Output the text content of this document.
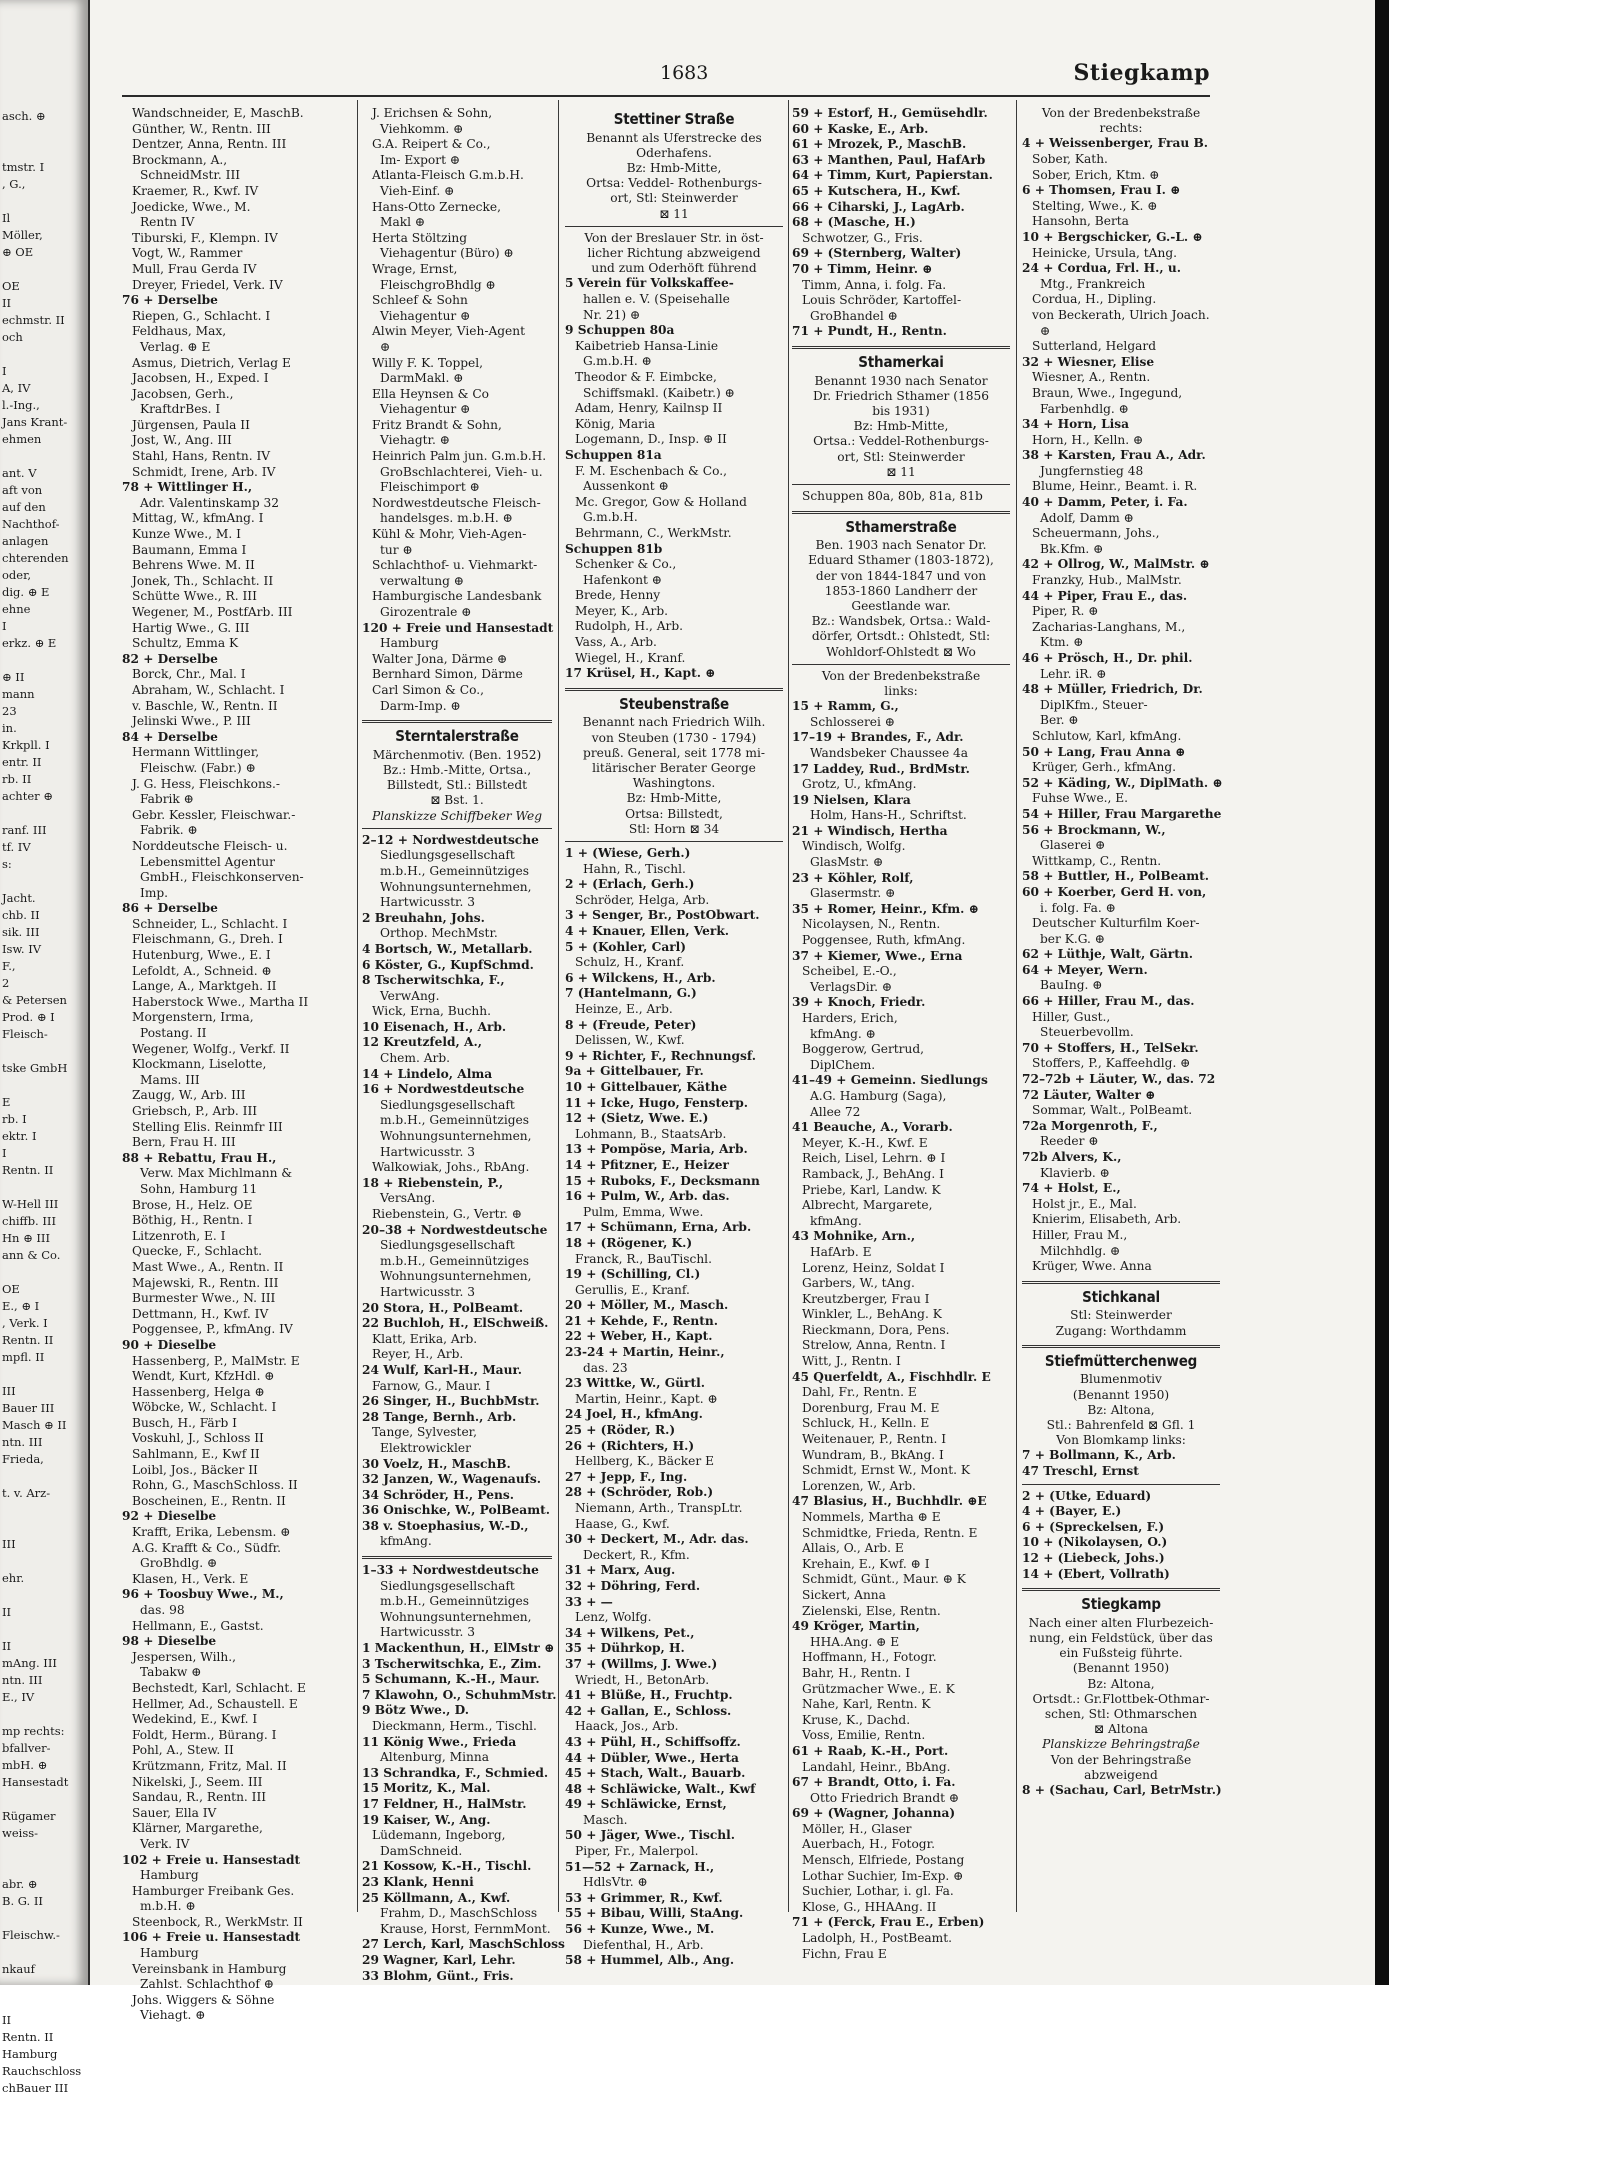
asch. ⊕

tmstr. I
, G.,

Il
Möller,
⊕ OE

OE
II
echmstr. II
och

I
A, IV
l.-Ing.,
Jans Krant-
ehmen

ant. V
aft von
auf den
Nachthof-
anlagen
chterenden
oder,
dig. ⊕ E
ehne
I
erkz. ⊕ E

⊕ II
mann
23
in.
Krkpll. I
entr. II
rb. II
achter ⊕

ranf. III
tf. IV
s:

Jacht.
chb. II
sik. III
Isw. IV
F.,
2
& Petersen
Prod. ⊕ I
Fleisch-

tske GmbH

E
rb. I
ektr. I
I
Rentn. II

W-Hell III
chiffb. III
Hn ⊕ III
ann & Co.

OE
E., ⊕ I
, Verk. I
Rentn. II
mpfl. II

III
Bauer III
Masch ⊕ II
ntn. III
Frieda,

t. v. Arz-

III

ehr.

II

II
mAng. III
ntn. III
E., IV

mp rechts:
bfallver-
mbH. ⊕
Hansestadt

Rügamer
weiss-

abr. ⊕
B. G. II

Fleischw.-

nkauf

II
Rentn. II
Hamburg
Rauchschloss
chBauer III
1683	Stiegkamp
Wandschneider, E, MaschB.
Günther, W., Rentn. III
Dentzer, Anna, Rentn. III
Brockmann, A.,
SchneidMstr. III
Kraemer, R., Kwf. IV
Joedicke, Wwe., M.
Rentn IV
Tiburski, F., Klempn. IV
Vogt, W., Rammer
Mull, Frau Gerda IV
Dreyer, Friedel, Verk. IV
76 + Derselbe
Riepen, G., Schlacht. I
Feldhaus, Max,
Verlag. ⊕ E
Asmus, Dietrich, Verlag E
Jacobsen, H., Exped. I
Jacobsen, Gerh.,
KraftdrBes. I
Jürgensen, Paula II
Jost, W., Ang. III
Stahl, Hans, Rentn. IV
Schmidt, Irene, Arb. IV
78 + Wittlinger H.,
Adr. Valentinskamp 32
Mittag, W., kfmAng. I
Kunze Wwe., M. I
Baumann, Emma I
Behrens Wwe. M. II
Jonek, Th., Schlacht. II
Schütte Wwe., R. III
Wegener, M., PostfArb. III
Hartig Wwe., G. III
Schultz, Emma K
82 + Derselbe
Borck, Chr., Mal. I
Abraham, W., Schlacht. I
v. Baschle, W., Rentn. II
Jelinski Wwe., P. III
84 + Derselbe
Hermann Wittlinger,
Fleischw. (Fabr.) ⊕
J. G. Hess, Fleischkons.-
Fabrik ⊕
Gebr. Kessler, Fleischwar.-
Fabrik. ⊕
Norddeutsche Fleisch- u.
Lebensmittel Agentur
GmbH., Fleischkonserven-
Imp.
86 + Derselbe
Schneider, L., Schlacht. I
Fleischmann, G., Dreh. I
Hutenburg, Wwe., E. I
Lefoldt, A., Schneid. ⊕
Lange, A., Marktgeh. II
Haberstock Wwe., Martha II
Morgenstern, Irma,
Postang. II
Wegener, Wolfg., Verkf. II
Klockmann, Liselotte,
Mams. III
Zaugg, W., Arb. III
Griebsch, P., Arb. III
Stelling Elis. Reinmfr III
Bern, Frau H. III
88 + Rebattu, Frau H.,
Verw. Max Michlmann &
Sohn, Hamburg 11
Brose, H., Helz. OE
Böthig, H., Rentn. I
Litzenroth, E. I
Quecke, F., Schlacht.
Mast Wwe., A., Rentn. II
Majewski, R., Rentn. III
Burmester Wwe., N. III
Dettmann, H., Kwf. IV
Poggensee, P., kfmAng. IV
90 + Dieselbe
Hassenberg, P., MalMstr. E
Wendt, Kurt, KfzHdl. ⊕
Hassenberg, Helga ⊕
Wöbcke, W., Schlacht. I
Busch, H., Färb I
Voskuhl, J., Schloss II
Sahlmann, E., Kwf II
Loibl, Jos., Bäcker II
Rohn, G., MaschSchloss. II
Boscheinen, E., Rentn. II
92 + Dieselbe
Krafft, Erika, Lebensm. ⊕
A.G. Krafft & Co., Südfr.
GroBhdlg. ⊕
Klasen, H., Verk. E
96 + Toosbuy Wwe., M.,
das. 98
Hellmann, E., Gastst.
98 + Dieselbe
Jespersen, Wilh.,
Tabakw ⊕
Bechstedt, Karl, Schlacht. E
Hellmer, Ad., Schaustell. E
Wedekind, E., Kwf. I
Foldt, Herm., Bürang. I
Pohl, A., Stew. II
Krützmann, Fritz, Mal. II
Nikelski, J., Seem. III
Sandau, R., Rentn. III
Sauer, Ella IV
Klärner, Margarethe,
Verk. IV
102 + Freie u. Hansestadt
Hamburg
Hamburger Freibank Ges.
m.b.H. ⊕
Steenbock, R., WerkMstr. II
106 + Freie u. Hansestadt
Hamburg
Vereinsbank in Hamburg
Zahlst. Schlachthof ⊕
Johs. Wiggers & Söhne
Viehagt. ⊕
J. Erichsen & Sohn,
Viehkomm. ⊕
G.A. Reipert & Co.,
Im- Export ⊕
Atlanta-Fleisch G.m.b.H.
Vieh-Einf. ⊕
Hans-Otto Zernecke,
Makl ⊕
Herta Stöltzing
Viehagentur (Büro) ⊕
Wrage, Ernst,
FleischgroBhdlg ⊕
Schleef & Sohn
Viehagentur ⊕
Alwin Meyer, Vieh-Agent
⊕
Willy F. K. Toppel,
DarmMakl. ⊕
Ella Heynsen & Co
Viehagentur ⊕
Fritz Brandt & Sohn,
Viehagtr. ⊕
Heinrich Palm jun. G.m.b.H.
GroBschlachterei, Vieh- u.
Fleischimport ⊕
Nordwestdeutsche Fleisch-
handelsges. m.b.H. ⊕
Kühl & Mohr, Vieh-Agen-
tur ⊕
Schlachthof- u. Viehmarkt-
verwaltung ⊕
Hamburgische Landesbank
Girozentrale ⊕
120 + Freie und Hansestadt
Hamburg
Walter Jona, Därme ⊕
Bernhard Simon, Därme
Carl Simon & Co.,
Darm-Imp. ⊕
Sterntalerstraße
Märchenmotiv. (Ben. 1952)
Bz.: Hmb.-Mitte, Ortsa.,
Billstedt, Stl.: Billstedt
⊠ Bst. 1.
Planskizze Schiffbeker Weg
2–12 + Nordwestdeutsche
Siedlungsgesellschaft
m.b.H., Gemeinnütziges
Wohnungsunternehmen,
Hartwicusstr. 3
2 Breuhahn, Johs.
Orthop. MechMstr.
4 Bortsch, W., Metallarb.
6 Köster, G., KupfSchmd.
8 Tscherwitschka, F.,
VerwAng.
Wick, Erna, Buchh.
10 Eisenach, H., Arb.
12 Kreutzfeld, A.,
Chem. Arb.
14 + Lindelo, Alma
16 + Nordwestdeutsche
Siedlungsgesellschaft
m.b.H., Gemeinnütziges
Wohnungsunternehmen,
Hartwicusstr. 3
Walkowiak, Johs., RbAng.
18 + Riebenstein, P.,
VersAng.
Riebenstein, G., Vertr. ⊕
20–38 + Nordwestdeutsche
Siedlungsgesellschaft
m.b.H., Gemeinnütziges
Wohnungsunternehmen,
Hartwicusstr. 3
20 Stora, H., PolBeamt.
22 Buchloh, H., ElSchweiß.
Klatt, Erika, Arb.
Reyer, H., Arb.
24 Wulf, Karl-H., Maur.
Farnow, G., Maur. I
26 Singer, H., BuchbMstr.
28 Tange, Bernh., Arb.
Tange, Sylvester,
Elektrowickler
30 Voelz, H., MaschB.
32 Janzen, W., Wagenaufs.
34 Schröder, H., Pens.
36 Onischke, W., PolBeamt.
38 v. Stoephasius, W.-D.,
kfmAng.
1–33 + Nordwestdeutsche
Siedlungsgesellschaft
m.b.H., Gemeinnütziges
Wohnungsunternehmen,
Hartwicusstr. 3
1 Mackenthun, H., ElMstr ⊕
3 Tscherwitschka, E., Zim.
5 Schumann, K.-H., Maur.
7 Klawohn, O., SchuhmMstr.
9 Bötz Wwe., D.
Dieckmann, Herm., Tischl.
11 König Wwe., Frieda
Altenburg, Minna
13 Schrandka, F., Schmied.
15 Moritz, K., Mal.
17 Feldner, H., HalMstr.
19 Kaiser, W., Ang.
Lüdemann, Ingeborg,
DamSchneid.
21 Kossow, K.-H., Tischl.
23 Klank, Henni
25 Köllmann, A., Kwf.
Frahm, D., MaschSchloss
Krause, Horst, FernmMont.
27 Lerch, Karl, MaschSchloss
29 Wagner, Karl, Lehr.
33 Blohm, Günt., Fris.
Stettiner Straße
Benannt als Uferstrecke des
Oderhafens.
Bz: Hmb-Mitte,
Ortsa: Veddel- Rothenburgs-
ort, Stl: Steinwerder
⊠ 11
Von der Breslauer Str. in öst-
licher Richtung abzweigend
und zum Oderhöft führend
5 Verein für Volkskaffee-
hallen e. V. (Speisehalle
Nr. 21) ⊕
9 Schuppen 80a
Kaibetrieb Hansa-Linie
G.m.b.H. ⊕
Theodor & F. Eimbcke,
Schiffsmakl. (Kaibetr.) ⊕
Adam, Henry, Kailnsp II
König, Maria
Logemann, D., Insp. ⊕ II
Schuppen 81a
F. M. Eschenbach & Co.,
Aussenkont ⊕
Mc. Gregor, Gow & Holland
G.m.b.H.
Behrmann, C., WerkMstr.
Schuppen 81b
Schenker & Co.,
Hafenkont ⊕
Brede, Henny
Meyer, K., Arb.
Rudolph, H., Arb.
Vass, A., Arb.
Wiegel, H., Kranf.
17 Krüsel, H., Kapt. ⊕
Steubenstraße
Benannt nach Friedrich Wilh.
von Steuben (1730 - 1794)
preuß. General, seit 1778 mi-
litärischer Berater George
Washingtons.
Bz: Hmb-Mitte,
Ortsa: Billstedt,
Stl: Horn ⊠ 34
1 + (Wiese, Gerh.)
Hahn, R., Tischl.
2 + (Erlach, Gerh.)
Schröder, Helga, Arb.
3 + Senger, Br., PostObwart.
4 + Knauer, Ellen, Verk.
5 + (Kohler, Carl)
Schulz, H., Kranf.
6 + Wilckens, H., Arb.
7 (Hantelmann, G.)
Heinze, E., Arb.
8 + (Freude, Peter)
Delissen, W., Kwf.
9 + Richter, F., Rechnungsf.
9a + Gittelbauer, Fr.
10 + Gittelbauer, Käthe
11 + Icke, Hugo, Fensterp.
12 + (Sietz, Wwe. E.)
Lohmann, B., StaatsArb.
13 + Pompöse, Maria, Arb.
14 + Pfitzner, E., Heizer
15 + Ruboks, F., Decksmann
16 + Pulm, W., Arb. das.
Pulm, Emma, Wwe.
17 + Schümann, Erna, Arb.
18 + (Rögener, K.)
Franck, R., BauTischl.
19 + (Schilling, Cl.)
Gerullis, E., Kranf.
20 + Möller, M., Masch.
21 + Kehde, F., Rentn.
22 + Weber, H., Kapt.
23-24 + Martin, Heinr.,
das. 23
23 Wittke, W., Gürtl.
Martin, Heinr., Kapt. ⊕
24 Joel, H., kfmAng.
25 + (Röder, R.)
26 + (Richters, H.)
Hellberg, K., Bäcker E
27 + Jepp, F., Ing.
28 + (Schröder, Rob.)
Niemann, Arth., TranspLtr.
Haase, G., Kwf.
30 + Deckert, M., Adr. das.
Deckert, R., Kfm.
31 + Marx, Aug.
32 + Döhring, Ferd.
33 + —
Lenz, Wolfg.
34 + Wilkens, Pet.,
35 + Dührkop, H.
37 + (Willms, J. Wwe.)
Wriedt, H., BetonArb.
41 + Blüße, H., Fruchtp.
42 + Gallan, E., Schloss.
Haack, Jos., Arb.
43 + Pühl, H., Schiffsoffz.
44 + Dübler, Wwe., Herta
45 + Stach, Walt., Bauarb.
48 + Schläwicke, Walt., Kwf
49 + Schläwicke, Ernst,
Masch.
50 + Jäger, Wwe., Tischl.
Piper, Fr., Malerpol.
51—52 + Zarnack, H.,
HdlsVtr. ⊕
53 + Grimmer, R., Kwf.
55 + Bibau, Willi, StaAng.
56 + Kunze, Wwe., M.
Diefenthal, H., Arb.
58 + Hummel, Alb., Ang.
59 + Estorf, H., Gemüsehdlr.
60 + Kaske, E., Arb.
61 + Mrozek, P., MaschB.
63 + Manthen, Paul, HafArb
64 + Timm, Kurt, Papierstan.
65 + Kutschera, H., Kwf.
66 + Ciharski, J., LagArb.
68 + (Masche, H.)
Schwotzer, G., Fris.
69 + (Sternberg, Walter)
70 + Timm, Heinr. ⊕
Timm, Anna, i. folg. Fa.
Louis Schröder, Kartoffel-
GroBhandel ⊕
71 + Pundt, H., Rentn.
Sthamerkai
Benannt 1930 nach Senator
Dr. Friedrich Sthamer (1856
bis 1931)
Bz: Hmb-Mitte,
Ortsa.: Veddel-Rothenburgs-
ort, Stl: Steinwerder
⊠ 11
Schuppen 80a, 80b, 81a, 81b
Sthamerstraße
Ben. 1903 nach Senator Dr.
Eduard Sthamer (1803-1872),
der von 1844-1847 und von
1853-1860 Landherr der
Geestlande war.
Bz.: Wandsbek, Ortsa.: Wald-
dörfer, Ortsdt.: Ohlstedt, Stl:
Wohldorf-Ohlstedt ⊠ Wo
Von der Bredenbekstraße
links:
15 + Ramm, G.,
Schlosserei ⊕
17–19 + Brandes, F., Adr.
Wandsbeker Chaussee 4a
17 Laddey, Rud., BrdMstr.
Grotz, U., kfmAng.
19 Nielsen, Klara
Holm, Hans-H., Schriftst.
21 + Windisch, Hertha
Windisch, Wolfg.
GlasMstr. ⊕
23 + Köhler, Rolf,
Glasermstr. ⊕
35 + Romer, Heinr., Kfm. ⊕
Nicolaysen, N., Rentn.
Poggensee, Ruth, kfmAng.
37 + Kiemer, Wwe., Erna
Scheibel, E.-O.,
VerlagsDir. ⊕
39 + Knoch, Friedr.
Harders, Erich,
kfmAng. ⊕
Boggerow, Gertrud,
DiplChem.
41–49 + Gemeinn. Siedlungs
A.G. Hamburg (Saga),
Allee 72
41 Beauche, A., Vorarb.
Meyer, K.-H., Kwf. E
Reich, Lisel, Lehrn. ⊕ I
Ramback, J., BehAng. I
Priebe, Karl, Landw. K
Albrecht, Margarete,
kfmAng.
43 Mohnike, Arn.,
HafArb. E
Lorenz, Heinz, Soldat I
Garbers, W., tAng.
Kreutzberger, Frau I
Winkler, L., BehAng. K
Rieckmann, Dora, Pens.
Strelow, Anna, Rentn. I
Witt, J., Rentn. I
45 Querfeldt, A., Fischhdlr. E
Dahl, Fr., Rentn. E
Dorenburg, Frau M. E
Schluck, H., Kelln. E
Weitenauer, P., Rentn. I
Wundram, B., BkAng. I
Schmidt, Ernst W., Mont. K
Lorenzen, W., Arb.
47 Blasius, H., Buchhdlr. ⊕E
Nommels, Martha ⊕ E
Schmidtke, Frieda, Rentn. E
Allais, O., Arb. E
Krehain, E., Kwf. ⊕ I
Schmidt, Günt., Maur. ⊕ K
Sickert, Anna
Zielenski, Else, Rentn.
49 Kröger, Martin,
HHA.Ang. ⊕ E
Hoffmann, H., Fotogr.
Bahr, H., Rentn. I
Grützmacher Wwe., E. K
Nahe, Karl, Rentn. K
Kruse, K., Dachd.
Voss, Emilie, Rentn.
61 + Raab, K.-H., Port.
Landahl, Heinr., BbAng.
67 + Brandt, Otto, i. Fa.
Otto Friedrich Brandt ⊕
69 + (Wagner, Johanna)
Möller, H., Glaser
Auerbach, H., Fotogr.
Mensch, Elfriede, Postang
Lothar Suchier, Im-Exp. ⊕
Suchier, Lothar, i. gl. Fa.
Klose, G., HHAAng. II
71 + (Ferck, Frau E., Erben)
Ladolph, H., PostBeamt.
Fichn, Frau E
Von der Bredenbekstraße
rechts:
4 + Weissenberger, Frau B.
Sober, Kath.
Sober, Erich, Ktm. ⊕
6 + Thomsen, Frau I. ⊕
Stelting, Wwe., K. ⊕
Hansohn, Berta
10 + Bergschicker, G.-L. ⊕
Heinicke, Ursula, tAng.
24 + Cordua, Frl. H., u.
Mtg., Frankreich
Cordua, H., Dipling.
von Beckerath, Ulrich Joach.
⊕
Sutterland, Helgard
32 + Wiesner, Elise
Wiesner, A., Rentn.
Braun, Wwe., Ingegund,
Farbenhdlg. ⊕
34 + Horn, Lisa
Horn, H., Kelln. ⊕
38 + Karsten, Frau A., Adr.
Jungfernstieg 48
Blume, Heinr., Beamt. i. R.
40 + Damm, Peter, i. Fa.
Adolf, Damm ⊕
Scheuermann, Johs.,
Bk.Kfm. ⊕
42 + Ollrog, W., MalMstr. ⊕
Franzky, Hub., MalMstr.
44 + Piper, Frau E., das.
Piper, R. ⊕
Zacharias-Langhans, M.,
Ktm. ⊕
46 + Prösch, H., Dr. phil.
Lehr. iR. ⊕
48 + Müller, Friedrich, Dr.
DiplKfm., Steuer-
Ber. ⊕
Schlutow, Karl, kfmAng.
50 + Lang, Frau Anna ⊕
Krüger, Gerh., kfmAng.
52 + Käding, W., DiplMath. ⊕
Fuhse Wwe., E.
54 + Hiller, Frau Margarethe
56 + Brockmann, W.,
Glaserei ⊕
Wittkamp, C., Rentn.
58 + Buttler, H., PolBeamt.
60 + Koerber, Gerd H. von,
i. folg. Fa. ⊕
Deutscher Kulturfilm Koer-
ber K.G. ⊕
62 + Lüthje, Walt, Gärtn.
64 + Meyer, Wern.
BauIng. ⊕
66 + Hiller, Frau M., das.
Hiller, Gust.,
Steuerbevollm.
70 + Stoffers, H., TelSekr.
Stoffers, P., Kaffeehdlg. ⊕
72–72b + Läuter, W., das. 72
72 Läuter, Walter ⊕
Sommar, Walt., PolBeamt.
72a Morgenroth, F.,
Reeder ⊕
72b Alvers, K.,
Klavierb. ⊕
74 + Holst, E.,
Holst jr., E., Mal.
Knierim, Elisabeth, Arb.
Hiller, Frau M.,
Milchhdlg. ⊕
Krüger, Wwe. Anna
Stichkanal
Stl: Steinwerder
Zugang: Worthdamm
Stiefmütterchenweg
Blumenmotiv
(Benannt 1950)
Bz: Altona,
Stl.: Bahrenfeld ⊠ Gfl. 1
Von Blomkamp links:
7 + Bollmann, K., Arb.
47 Treschl, Ernst
2 + (Utke, Eduard)
4 + (Bayer, E.)
6 + (Spreckelsen, F.)
10 + (Nikolaysen, O.)
12 + (Liebeck, Johs.)
14 + (Ebert, Vollrath)
Stiegkamp
Nach einer alten Flurbezeich-
nung, ein Feldstück, über das
ein Fußsteig führte.
(Benannt 1950)
Bz: Altona,
Ortsdt.: Gr.Flottbek-Othmar-
schen, Stl: Othmarschen
⊠ Altona
Planskizze Behringstraße
Von der Behringstraße
abzweigend
8 + (Sachau, Carl, BetrMstr.)
